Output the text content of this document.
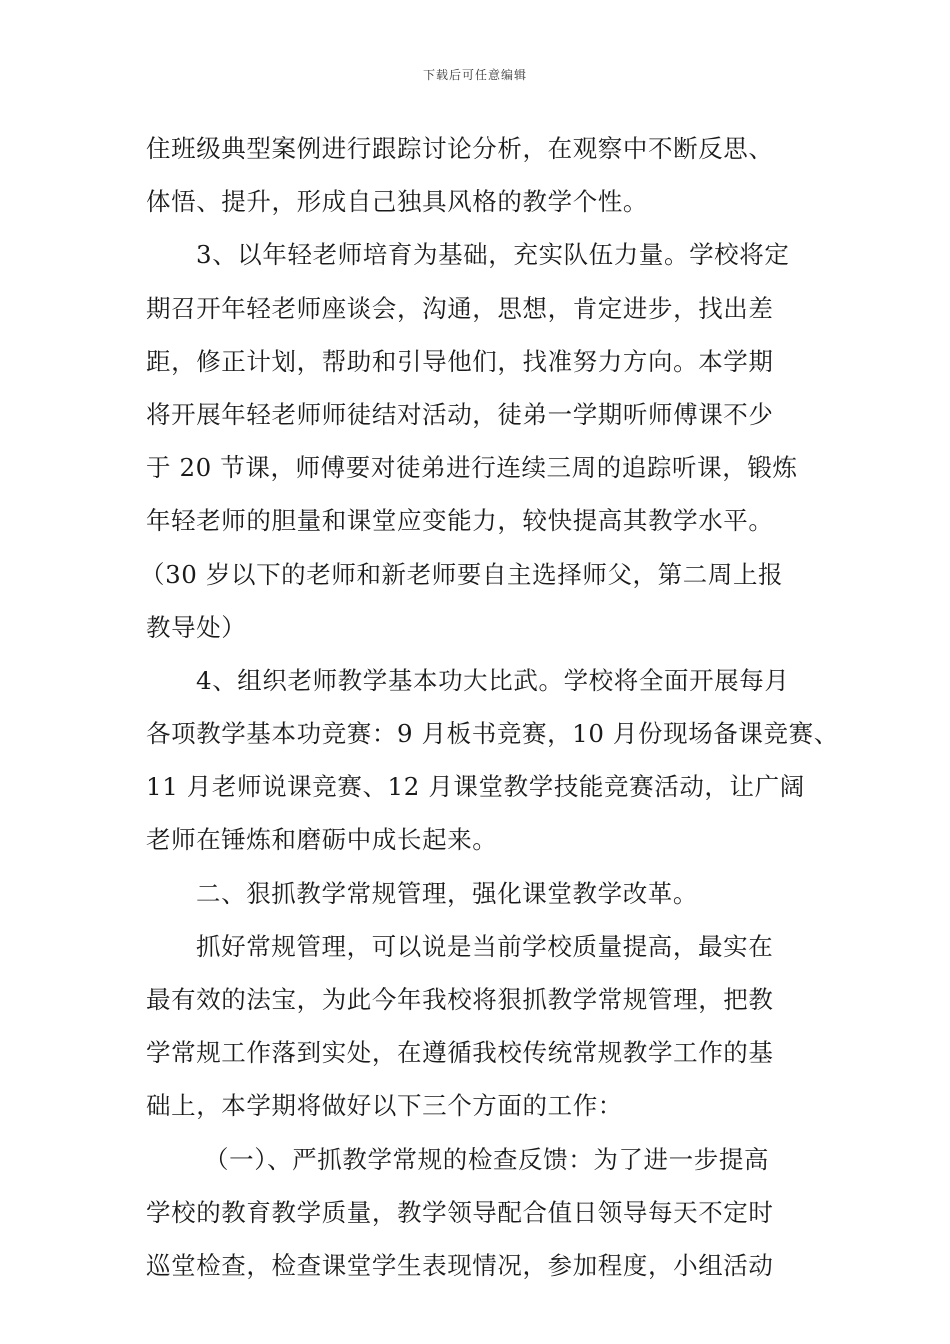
下载后可任意编辑
住班级典型案例进行跟踪讨论分析，在观察中不断反思、
体悟、提升，形成自己独具风格的教学个性。
3、以年轻老师培育为基础，充实队伍力量。学校将定
期召开年轻老师座谈会，沟通，思想，肯定进步，找出差
距，修正计划，帮助和引导他们，找准努力方向。本学期
将开展年轻老师师徒结对活动，徒弟一学期听师傅课不少
于 20 节课，师傅要对徒弟进行连续三周的追踪听课，锻炼
年轻老师的胆量和课堂应变能力，较快提高其教学水平。
（30 岁以下的老师和新老师要自主选择师父，第二周上报
教导处）
4、组织老师教学基本功大比武。学校将全面开展每月
各项教学基本功竞赛：9 月板书竞赛，10 月份现场备课竞赛、
11 月老师说课竞赛、12 月课堂教学技能竞赛活动，让广阔
老师在锤炼和磨砺中成长起来。
二、狠抓教学常规管理，强化课堂教学改革。
抓好常规管理，可以说是当前学校质量提高，最实在
最有效的法宝，为此今年我校将狠抓教学常规管理，把教
学常规工作落到实处，在遵循我校传统常规教学工作的基
础上，本学期将做好以下三个方面的工作：
（一）、严抓教学常规的检查反馈：为了进一步提高
学校的教育教学质量，教学领导配合值日领导每天不定时
巡堂检查，检查课堂学生表现情况，参加程度，小组活动
